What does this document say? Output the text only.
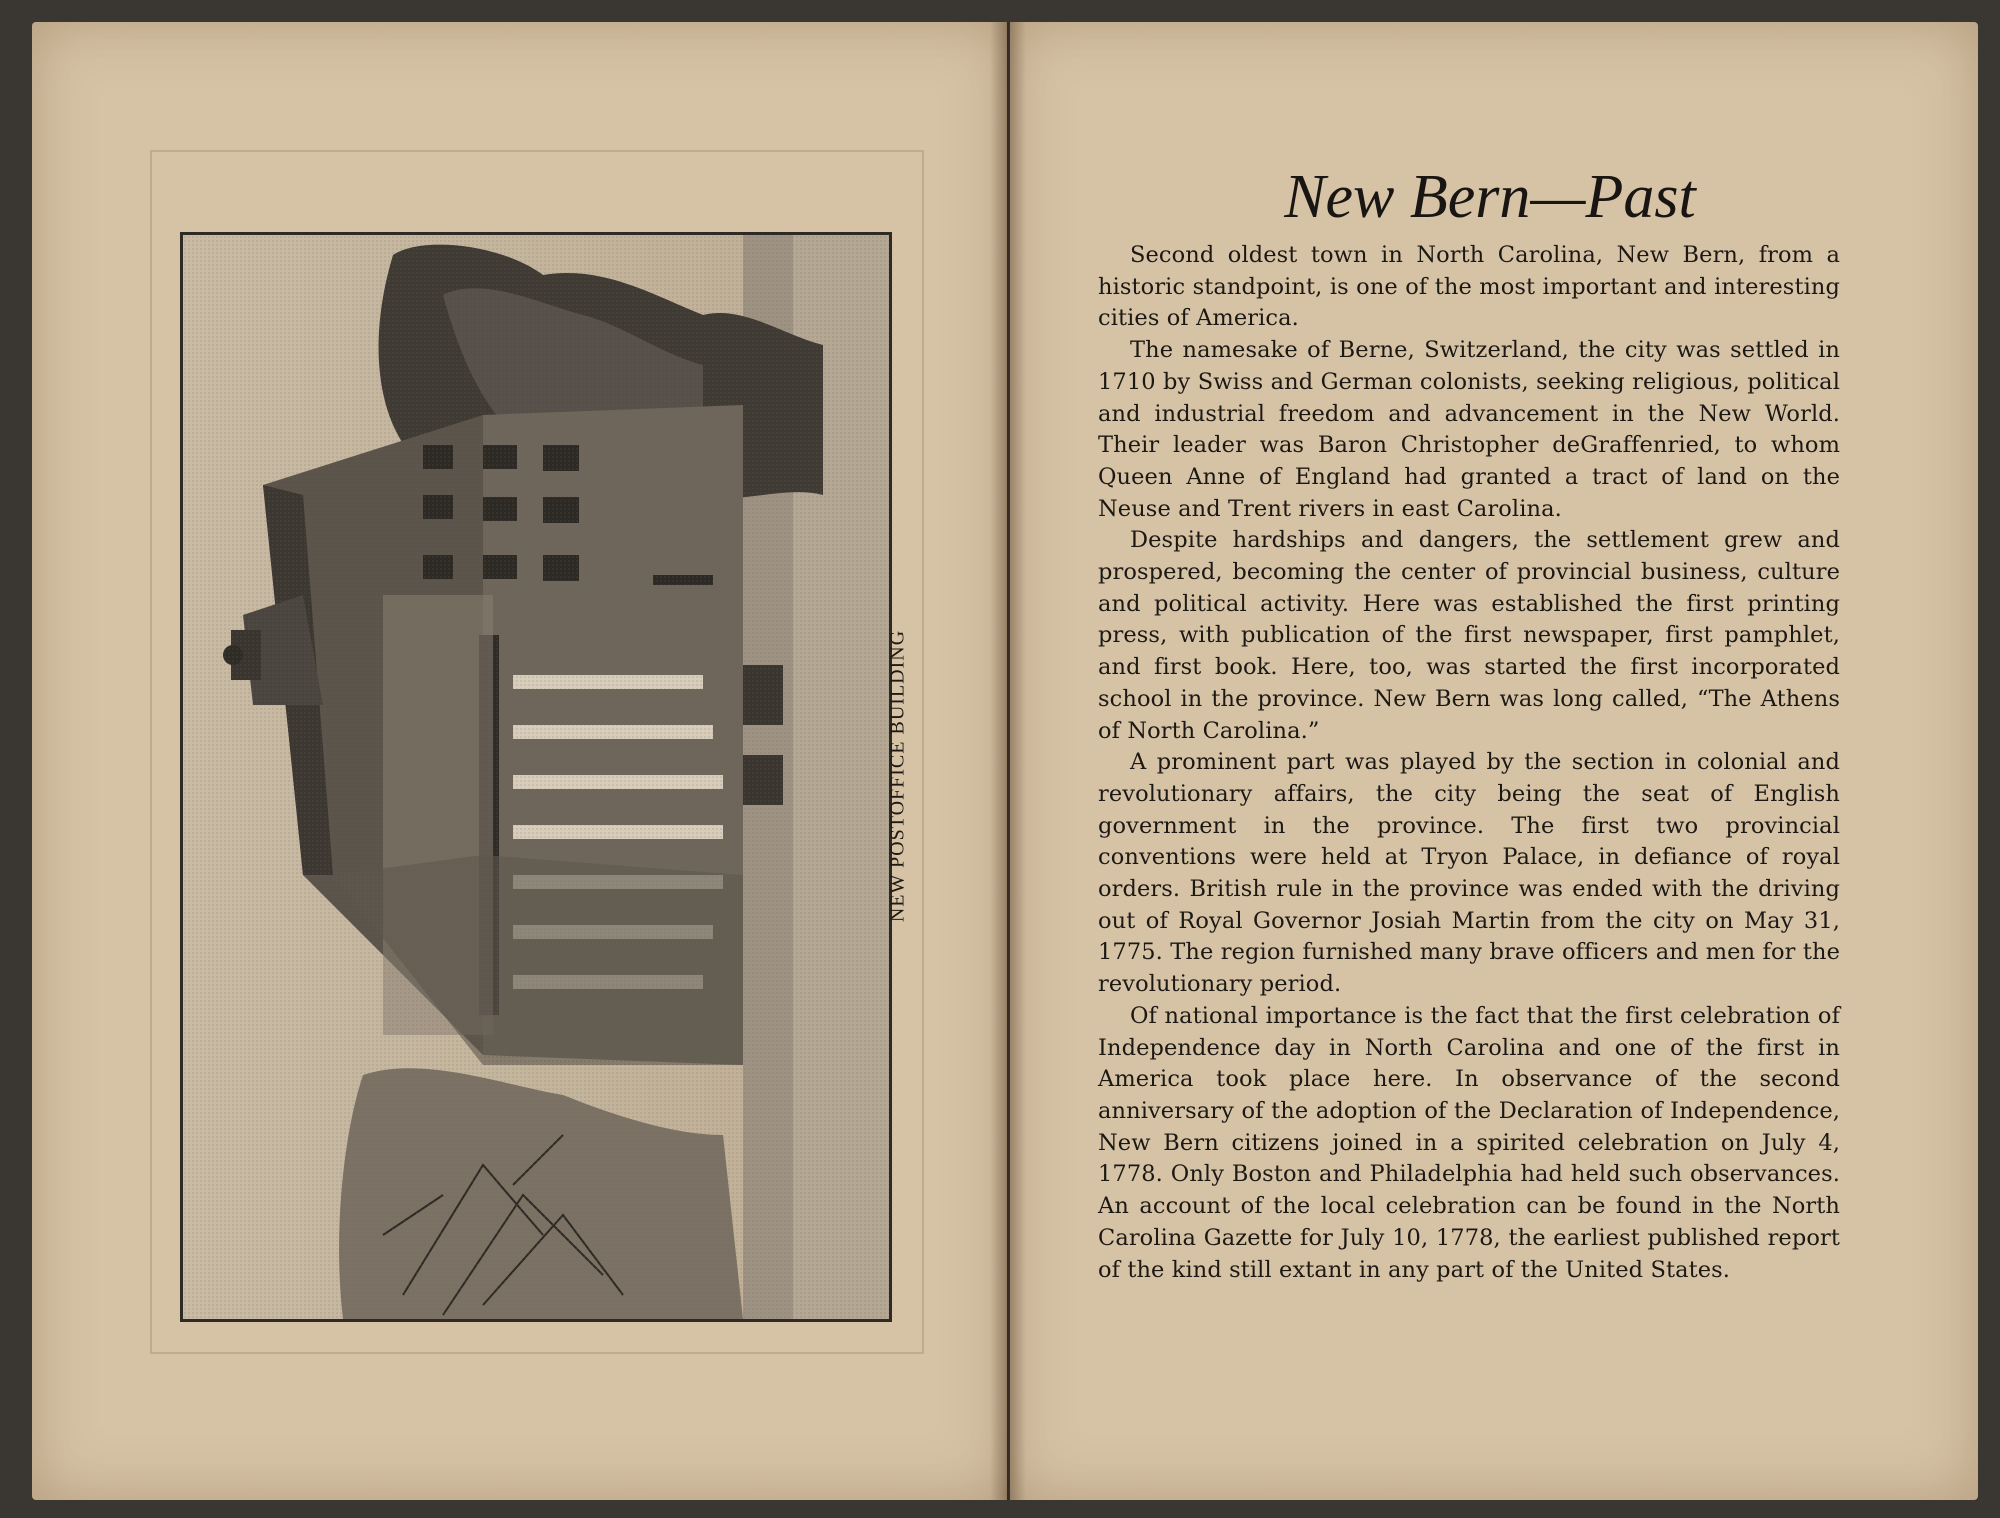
NEW POSTOFFICE BUILDING
New Bern—Past

Second oldest town in North Carolina, New Bern, from a historic standpoint, is one of the most important and interesting cities of America.

The namesake of Berne, Switzerland, the city was settled in 1710 by Swiss and German colonists, seeking religious, political and industrial freedom and advancement in the New World. Their leader was Baron Christopher deGraffenried, to whom Queen Anne of England had granted a tract of land on the Neuse and Trent rivers in east Carolina.

Despite hardships and dangers, the settlement grew and prospered, becoming the center of provincial business, culture and political activity. Here was established the first printing press, with publication of the first newspaper, first pamphlet, and first book. Here, too, was started the first incorporated school in the province. New Bern was long called, “The Athens of North Carolina.”

A prominent part was played by the section in colonial and revolutionary affairs, the city being the seat of English government in the province. The first two provincial conventions were held at Tryon Palace, in defiance of royal orders. British rule in the province was ended with the driving out of Royal Governor Josiah Martin from the city on May 31, 1775. The region furnished many brave officers and men for the revolutionary period.

Of national importance is the fact that the first celebration of Independence day in North Carolina and one of the first in America took place here. In observance of the second anniversary of the adoption of the Declaration of Independence, New Bern citizens joined in a spirited celebration on July 4, 1778. Only Boston and Philadelphia had held such observances. An account of the local celebration can be found in the North Carolina Gazette for July 10, 1778, the earliest published report of the kind still extant in any part of the United States.
